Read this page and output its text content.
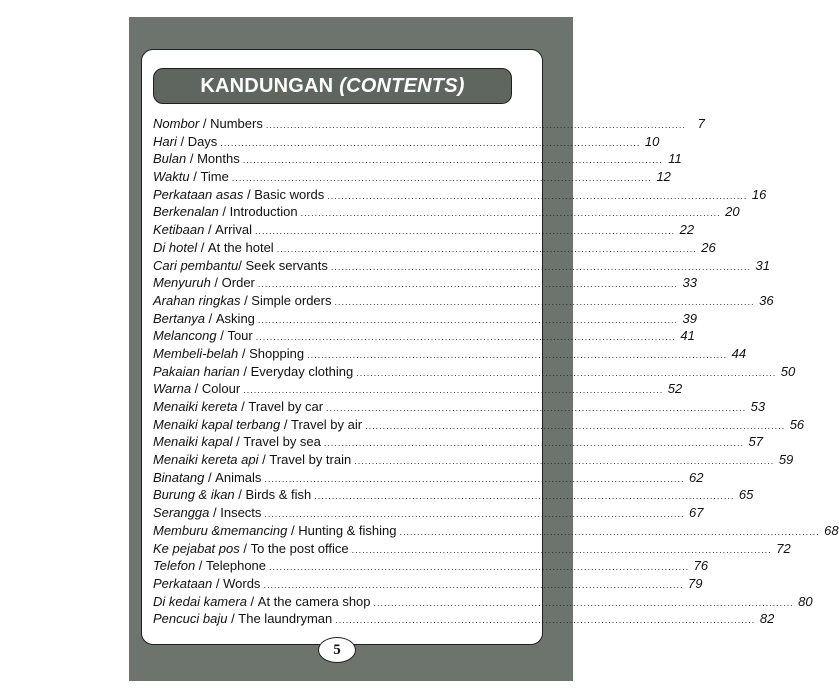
KANDUNGAN (CONTENTS)
Nombor / Numbers ........................................................................................................................ 7
Hari / Days ........................................................................................................................ 10
Bulan / Months ........................................................................................................................ 11
Waktu / Time ........................................................................................................................ 12
Perkataan asas / Basic words ........................................................................................................................ 16
Berkenalan / Introduction ........................................................................................................................ 20
Ketibaan / Arrival ........................................................................................................................ 22
Di hotel / At the hotel ........................................................................................................................ 26
Cari pembantu / Seek servants ........................................................................................................................ 31
Menyuruh / Order ........................................................................................................................ 33
Arahan ringkas / Simple orders ........................................................................................................................ 36
Bertanya / Asking ........................................................................................................................ 39
Melancong / Tour ........................................................................................................................ 41
Membeli-belah / Shopping ........................................................................................................................ 44
Pakaian harian / Everyday clothing ........................................................................................................................ 50
Warna / Colour ........................................................................................................................ 52
Menaiki kereta / Travel by car ........................................................................................................................ 53
Menaiki kapal terbang / Travel by air ........................................................................................................................ 56
Menaiki kapal / Travel by sea ........................................................................................................................ 57
Menaiki kereta api / Travel by train ........................................................................................................................ 59
Binatang / Animals ........................................................................................................................ 62
Burung & ikan / Birds & fish ........................................................................................................................ 65
Serangga / Insects ........................................................................................................................ 67
Memburu &memancing / Hunting & fishing ........................................................................................................................ 68
Ke pejabat pos / To the post office ........................................................................................................................ 72
Telefon / Telephone ........................................................................................................................ 76
Perkataan / Words ........................................................................................................................ 79
Di kedai kamera / At the camera shop ........................................................................................................................ 80
Pencuci baju / The laundryman ........................................................................................................................ 82
5
